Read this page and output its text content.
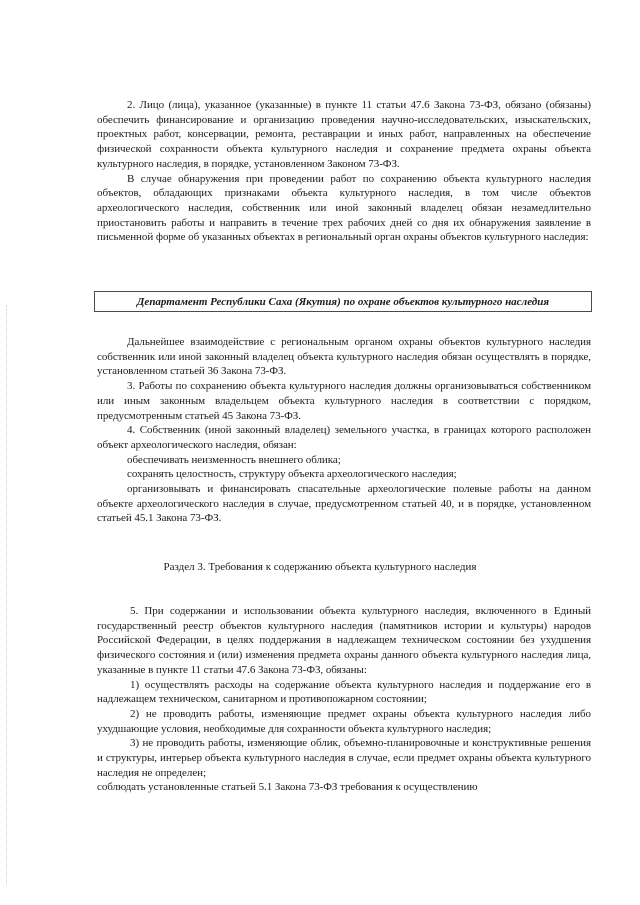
2. Лицо (лица), указанное (указанные) в пункте 11 статьи 47.6 Закона 73-ФЗ, обязано (обязаны) обеспечить финансирование и организацию проведения научно-исследовательских, изыскательских, проектных работ, консервации, ремонта, реставрации и иных работ, направленных на обеспечение физической сохранности объекта культурного наследия и сохранение предмета охраны объекта культурного наследия, в порядке, установленном Законом 73-ФЗ.

В случае обнаружения при проведении работ по сохранению объекта культурного наследия объектов, обладающих признаками объекта культурного наследия, в том числе объектов археологического наследия, собственник или иной законный владелец обязан незамедлительно приостановить работы и направить в течение трех рабочих дней со дня их обнаружения заявление в письменной форме об указанных объектах в региональный орган охраны объектов культурного наследия:

Департамент Республики Саха (Якутия) по охране объектов культурного наследия

Дальнейшее взаимодействие с региональным органом охраны объектов культурного наследия собственник или иной законный владелец объекта культурного наследия обязан осуществлять в порядке, установленном статьей 36 Закона 73-ФЗ.

3. Работы по сохранению объекта культурного наследия должны организовываться собственником или иным законным владельцем объекта культурного наследия в соответствии с порядком, предусмотренным статьей 45 Закона 73-ФЗ.

4. Собственник (иной законный владелец) земельного участка, в границах которого расположен объект археологического наследия, обязан:

обеспечивать неизменность внешнего облика;

сохранять целостность, структуру объекта археологического наследия;

организовывать и финансировать спасательные археологические полевые работы на данном объекте археологического наследия в случае, предусмотренном статьей 40, и в порядке, установленном статьей 45.1 Закона 73-ФЗ.

Раздел 3. Требования к содержанию объекта культурного наследия

5. При содержании и использовании объекта культурного наследия, включенного в Единый государственный реестр объектов культурного наследия (памятников истории и культуры) народов Российской Федерации, в целях поддержания в надлежащем техническом состоянии без ухудшения физического состояния и (или) изменения предмета охраны данного объекта культурного наследия лица, указанные в пункте 11 статьи 47.6 Закона 73-ФЗ, обязаны:

1) осуществлять расходы на содержание объекта культурного наследия и поддержание его в надлежащем техническом, санитарном и противопожарном состоянии;

2) не проводить работы, изменяющие предмет охраны объекта культурного наследия либо ухудшающие условия, необходимые для сохранности объекта культурного наследия;

3) не проводить работы, изменяющие облик, объемно-планировочные и конструктивные решения и структуры, интерьер объекта культурного наследия в случае, если предмет охраны объекта культурного наследия не определен;

соблюдать установленные статьей 5.1 Закона 73-ФЗ требования к осуществлению
